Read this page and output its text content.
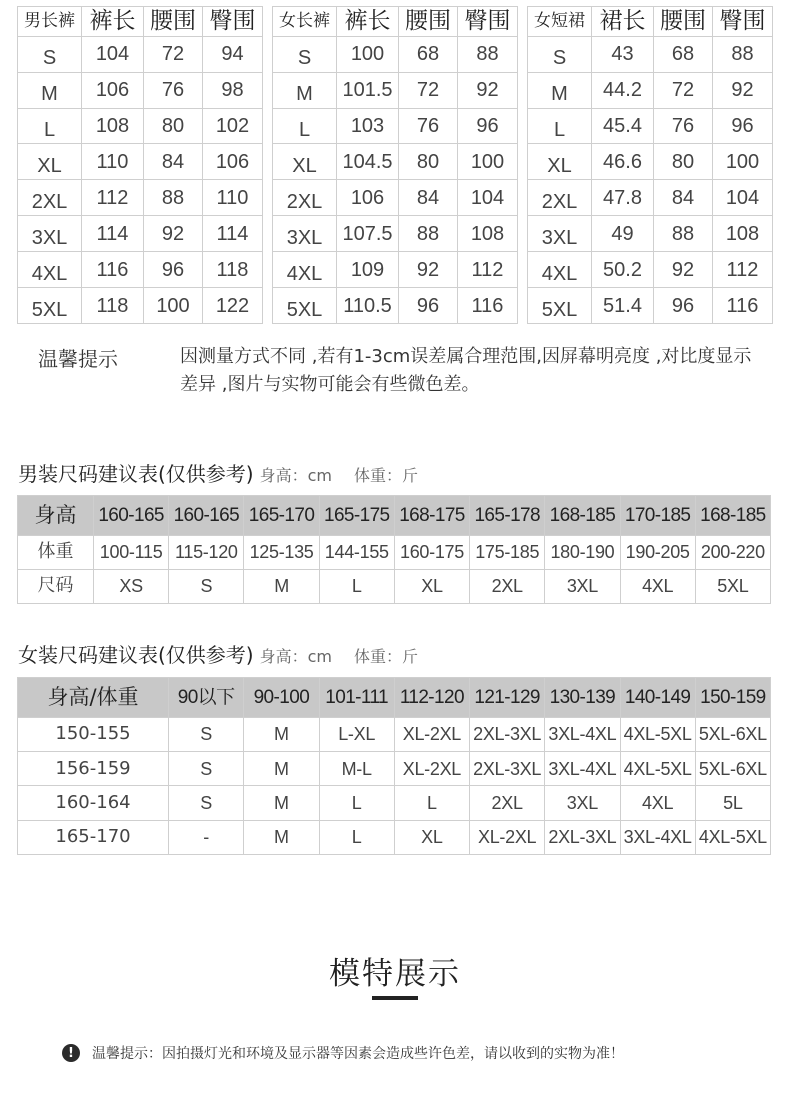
男长裤	裤长	腰围	臀围
S	104	72	94
M	106	76	98
L	108	80	102
XL	110	84	106
2XL	112	88	110
3XL	114	92	114
4XL	116	96	118
5XL	118	100	122
女长裤	裤长	腰围	臀围
S	100	68	88
M	101.5	72	92
L	103	76	96
XL	104.5	80	100
2XL	106	84	104
3XL	107.5	88	108
4XL	109	92	112
5XL	110.5	96	116
女短裙	裙长	腰围	臀围
S	43	68	88
M	44.2	72	92
L	45.4	76	96
XL	46.6	80	100
2XL	47.8	84	104
3XL	49	88	108
4XL	50.2	92	112
5XL	51.4	96	116
温馨提示	因测量方式不同 ,若有1-3cm误差属合理范围,因屏幕明亮度 ,对比度显示差异 ,图片与实物可能会有些微色差。
男装尺码建议表(仅供参考) 身高：cm 体重：斤
身高	160-165	160-165	165-170	165-175	168-175	165-178	168-185	170-185	168-185
体重	100-115	115-120	125-135	144-155	160-175	175-185	180-190	190-205	200-220
尺码	XS	S	M	L	XL	2XL	3XL	4XL	5XL
女装尺码建议表(仅供参考) 身高：cm 体重：斤
身高/体重	90以下	90-100	101-111	112-120	121-129	130-139	140-149	150-159
150-155	S	M	L-XL	XL-2XL	2XL-3XL	3XL-4XL	4XL-5XL	5XL-6XL
156-159	S	M	M-L	XL-2XL	2XL-3XL	3XL-4XL	4XL-5XL	5XL-6XL
160-164	S	M	L	L	2XL	3XL	4XL	5L
165-170	-	M	L	XL	XL-2XL	2XL-3XL	3XL-4XL	4XL-5XL
模特展示
!	温馨提示：因拍摄灯光和环境及显示器等因素会造成些许色差，请以收到的实物为准！
